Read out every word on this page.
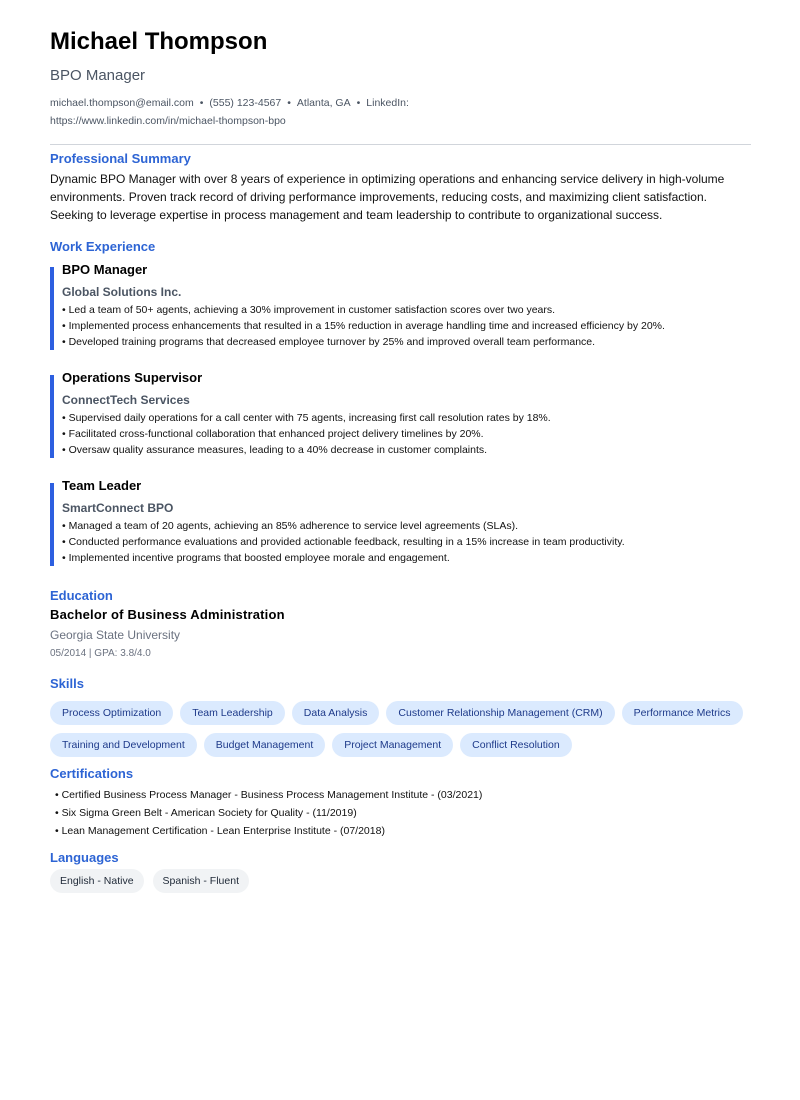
Michael Thompson
BPO Manager
michael.thompson@email.com • (555) 123-4567 • Atlanta, GA • LinkedIn: https://www.linkedin.com/in/michael-thompson-bpo
Professional Summary
Dynamic BPO Manager with over 8 years of experience in optimizing operations and enhancing service delivery in high-volume environments. Proven track record of driving performance improvements, reducing costs, and maximizing client satisfaction. Seeking to leverage expertise in process management and team leadership to contribute to organizational success.
Work Experience
BPO Manager
Global Solutions Inc.
• Led a team of 50+ agents, achieving a 30% improvement in customer satisfaction scores over two years.
• Implemented process enhancements that resulted in a 15% reduction in average handling time and increased efficiency by 20%.
• Developed training programs that decreased employee turnover by 25% and improved overall team performance.
Operations Supervisor
ConnectTech Services
• Supervised daily operations for a call center with 75 agents, increasing first call resolution rates by 18%.
• Facilitated cross-functional collaboration that enhanced project delivery timelines by 20%.
• Oversaw quality assurance measures, leading to a 40% decrease in customer complaints.
Team Leader
SmartConnect BPO
• Managed a team of 20 agents, achieving an 85% adherence to service level agreements (SLAs).
• Conducted performance evaluations and provided actionable feedback, resulting in a 15% increase in team productivity.
• Implemented incentive programs that boosted employee morale and engagement.
Education
Bachelor of Business Administration
Georgia State University
05/2014 | GPA: 3.8/4.0
Skills
Process Optimization	Team Leadership	Data Analysis	Customer Relationship Management (CRM)	Performance Metrics
Training and Development	Budget Management	Project Management	Conflict Resolution
Certifications
• Certified Business Process Manager - Business Process Management Institute - (03/2021)
• Six Sigma Green Belt - American Society for Quality - (11/2019)
• Lean Management Certification - Lean Enterprise Institute - (07/2018)
Languages
English - Native	Spanish - Fluent
